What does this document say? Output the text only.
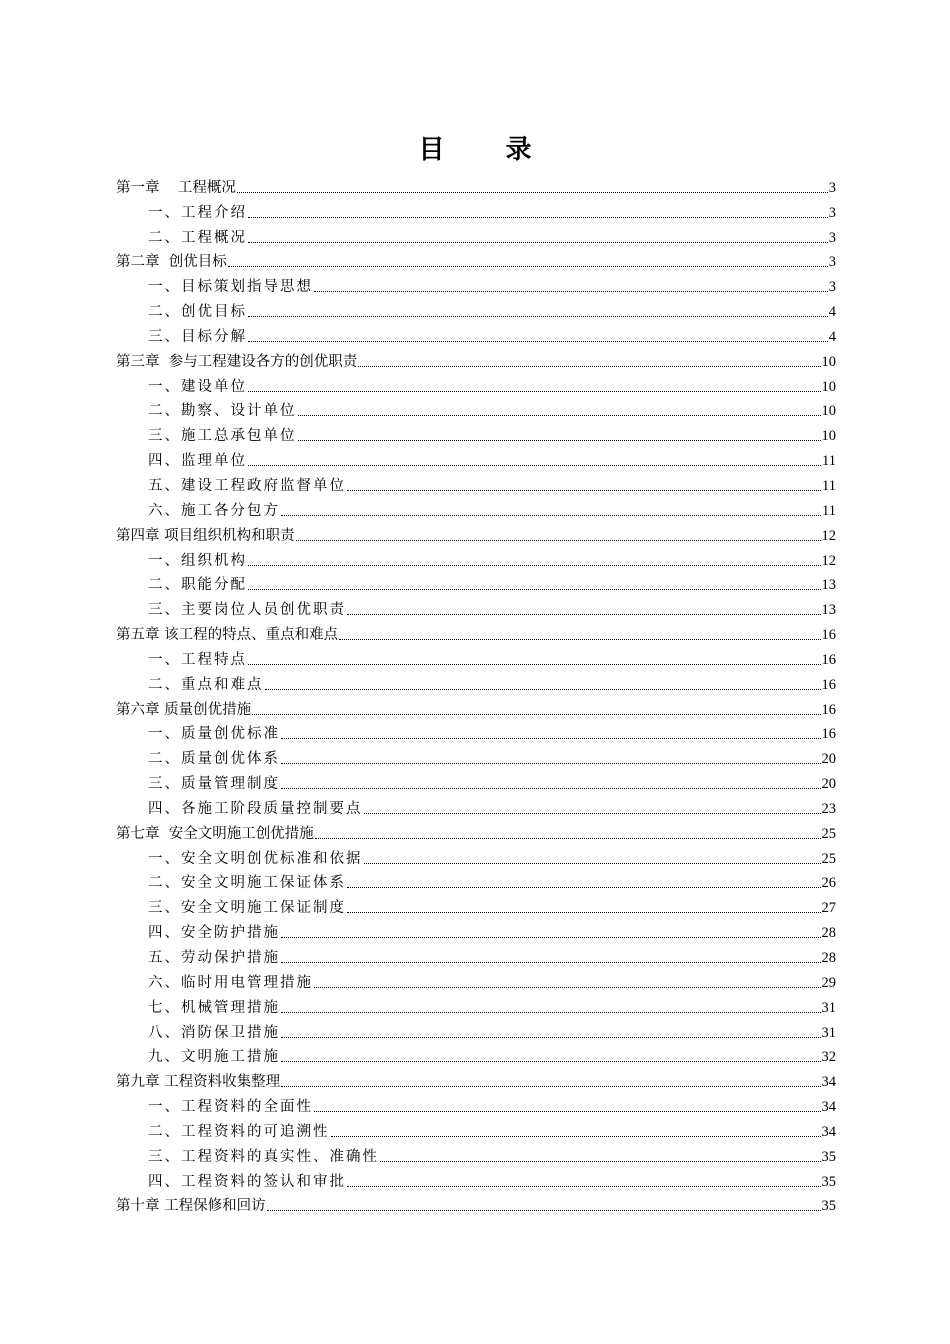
目 录
第一章    工程概况	3
一、工程介绍	3
二、工程概况	3
第二章  创优目标	3
一、目标策划指导思想	3
二、创优目标	4
三、目标分解	4
第三章  参与工程建设各方的创优职责	10
一、建设单位	10
二、勘察、设计单位	10
三、施工总承包单位	10
四、监理单位	11
五、建设工程政府监督单位	11
六、施工各分包方	11
第四章 项目组织机构和职责	12
一、组织机构	12
二、职能分配	13
三、主要岗位人员创优职责	13
第五章 该工程的特点、重点和难点	16
一、工程特点	16
二、重点和难点	16
第六章 质量创优措施	16
一、质量创优标准	16
二、质量创优体系	20
三、质量管理制度	20
四、各施工阶段质量控制要点	23
第七章  安全文明施工创优措施	25
一、安全文明创优标准和依据	25
二、安全文明施工保证体系	26
三、安全文明施工保证制度	27
四、安全防护措施	28
五、劳动保护措施	28
六、临时用电管理措施	29
七、机械管理措施	31
八、消防保卫措施	31
九、文明施工措施	32
第九章 工程资料收集整理	34
一、工程资料的全面性	34
二、工程资料的可追溯性	34
三、工程资料的真实性、准确性	35
四、工程资料的签认和审批	35
第十章 工程保修和回访	35
